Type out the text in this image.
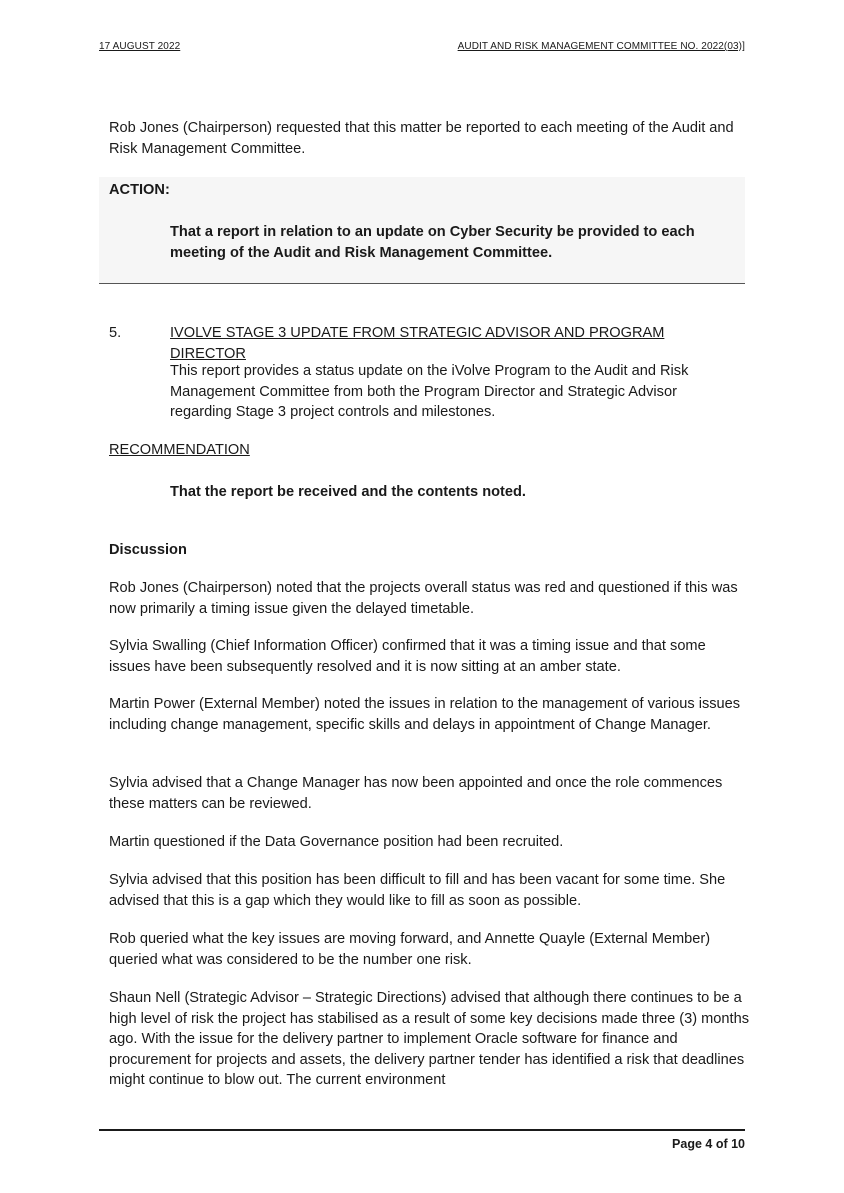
17 AUGUST 2022	AUDIT AND RISK MANAGEMENT COMMITTEE NO. 2022(03)]

Rob Jones (Chairperson) requested that this matter be reported to each meeting of the Audit and Risk Management Committee.

ACTION:

That a report in relation to an update on Cyber Security be provided to each meeting of the Audit and Risk Management Committee.

5.	IVOLVE STAGE 3 UPDATE FROM STRATEGIC ADVISOR AND PROGRAM DIRECTOR

This report provides a status update on the iVolve Program to the Audit and Risk Management Committee from both the Program Director and Strategic Advisor regarding Stage 3 project controls and milestones.

RECOMMENDATION

That the report be received and the contents noted.

Discussion

Rob Jones (Chairperson) noted that the projects overall status was red and questioned if this was now primarily a timing issue given the delayed timetable.

Sylvia Swalling (Chief Information Officer) confirmed that it was a timing issue and that some issues have been subsequently resolved and it is now sitting at an amber state.

Martin Power (External Member) noted the issues in relation to the management of various issues including change management, specific skills and delays in appointment of Change Manager.

Sylvia advised that a Change Manager has now been appointed and once the role commences these matters can be reviewed.

Martin questioned if the Data Governance position had been recruited.

Sylvia advised that this position has been difficult to fill and has been vacant for some time. She advised that this is a gap which they would like to fill as soon as possible.

Rob queried what the key issues are moving forward, and Annette Quayle (External Member) queried what was considered to be the number one risk.

Shaun Nell (Strategic Advisor – Strategic Directions) advised that although there continues to be a high level of risk the project has stabilised as a result of some key decisions made three (3) months ago. With the issue for the delivery partner to implement Oracle software for finance and procurement for projects and assets, the delivery partner tender has identified a risk that deadlines might continue to blow out. The current environment

Page 4 of 10
